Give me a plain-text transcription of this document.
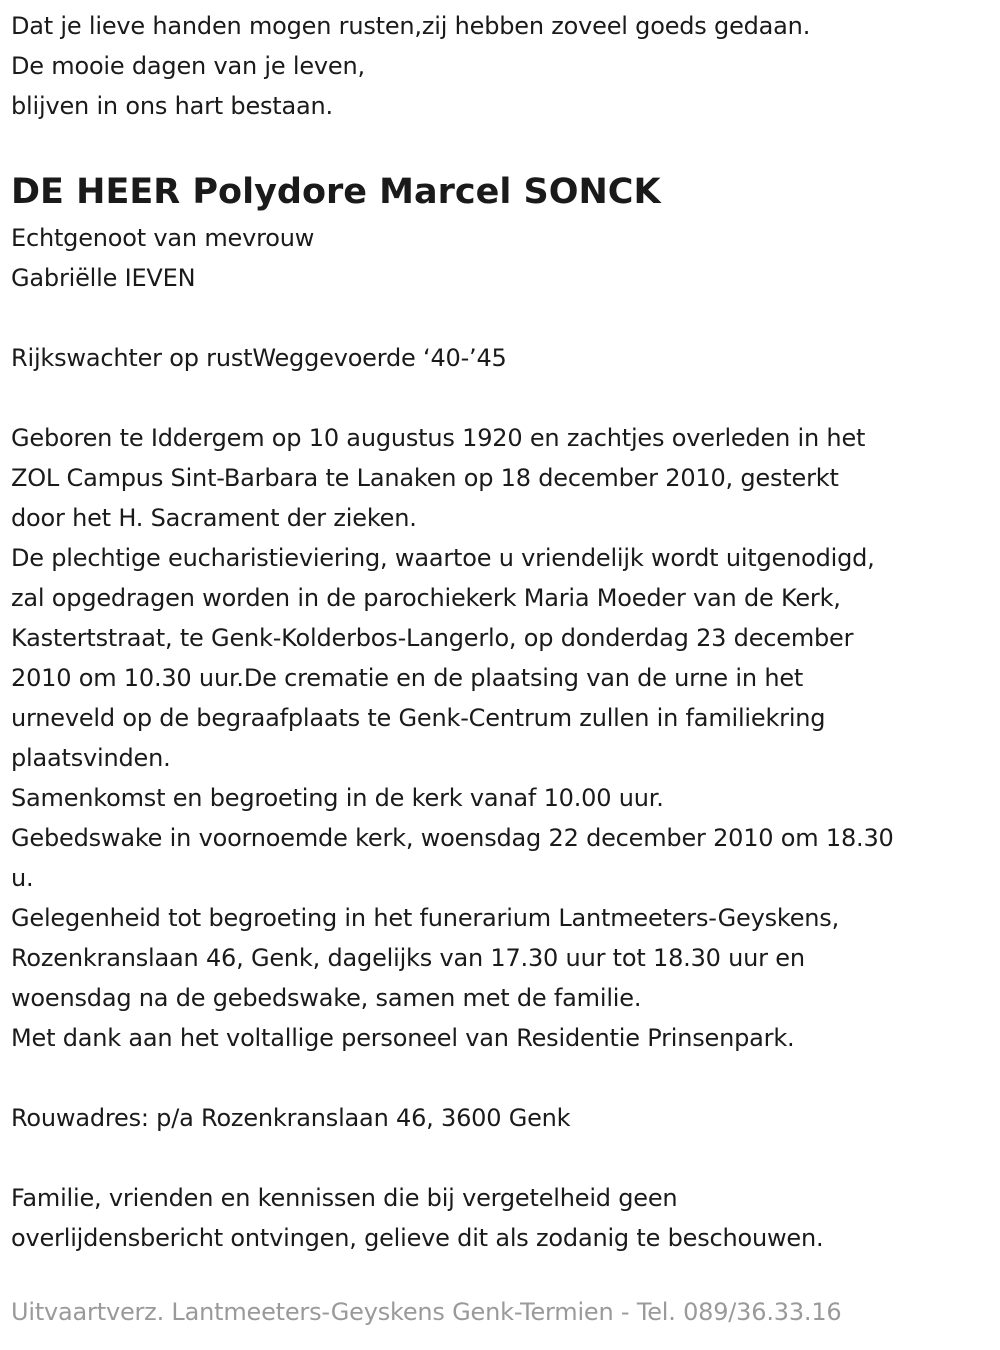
Dat je lieve handen mogen rusten,zij hebben zoveel goeds gedaan.
De mooie dagen van je leven,
blijven in ons hart bestaan.
DE HEER Polydore Marcel SONCK
Echtgenoot van mevrouw
Gabriëlle IEVEN
Rijkswachter op rustWeggevoerde ‘40-’45
Geboren te Iddergem op 10 augustus 1920 en zachtjes overleden in het
ZOL Campus Sint-Barbara te Lanaken op 18 december 2010, gesterkt
door het H. Sacrament der zieken.
De plechtige eucharistieviering, waartoe u vriendelijk wordt uitgenodigd,
zal opgedragen worden in de parochiekerk Maria Moeder van de Kerk,
Kastertstraat, te Genk-Kolderbos-Langerlo, op donderdag 23 december
2010 om 10.30 uur.De crematie en de plaatsing van de urne in het
urneveld op de begraafplaats te Genk-Centrum zullen in familiekring
plaatsvinden.
Samenkomst en begroeting in de kerk vanaf 10.00 uur.
Gebedswake in voornoemde kerk, woensdag 22 december 2010 om 18.30
u.
Gelegenheid tot begroeting in het funerarium Lantmeeters-Geyskens,
Rozenkranslaan 46, Genk, dagelijks van 17.30 uur tot 18.30 uur en
woensdag na de gebedswake, samen met de familie.
Met dank aan het voltallige personeel van Residentie Prinsenpark.
Rouwadres: p/a Rozenkranslaan 46, 3600 Genk
Familie, vrienden en kennissen die bij vergetelheid geen
overlijdensbericht ontvingen, gelieve dit als zodanig te beschouwen.
Uitvaartverz. Lantmeeters-Geyskens Genk-Termien - Tel. 089/36.33.16
